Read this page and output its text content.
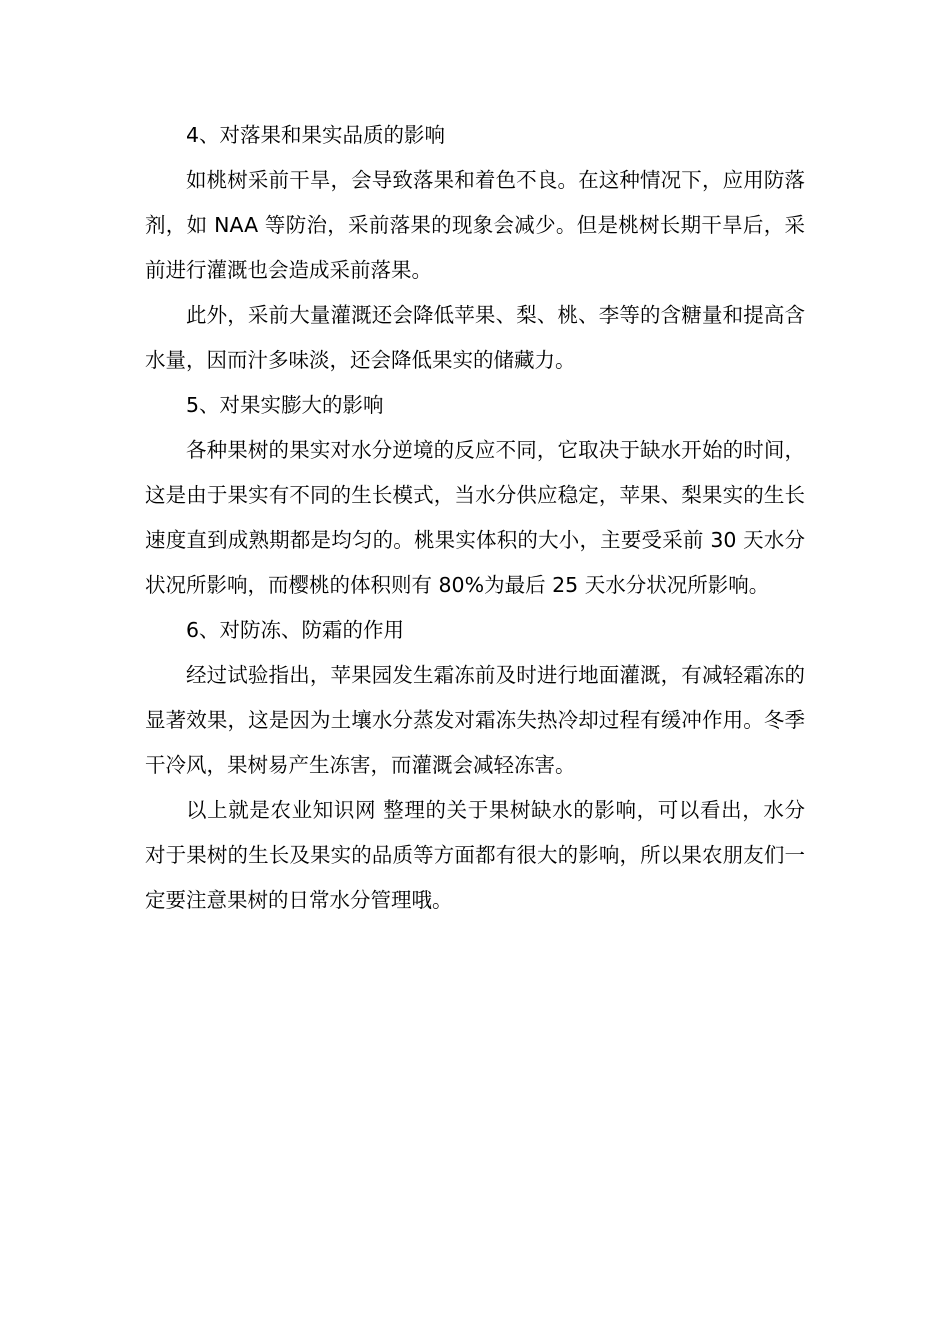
4、对落果和果实品质的影响

如桃树采前干旱，会导致落果和着色不良。在这种情况下，应用防落剂，如 NAA 等防治，采前落果的现象会减少。但是桃树长期干旱后，采前进行灌溉也会造成采前落果。

此外，采前大量灌溉还会降低苹果、梨、桃、李等的含糖量和提高含水量，因而汁多味淡，还会降低果实的储藏力。

5、对果实膨大的影响

各种果树的果实对水分逆境的反应不同，它取决于缺水开始的时间，这是由于果实有不同的生长模式，当水分供应稳定，苹果、梨果实的生长速度直到成熟期都是均匀的。桃果实体积的大小，主要受采前 30 天水分状况所影响，而樱桃的体积则有 80%为最后 25 天水分状况所影响。

6、对防冻、防霜的作用

经过试验指出，苹果园发生霜冻前及时进行地面灌溉，有减轻霜冻的显著效果，这是因为土壤水分蒸发对霜冻失热冷却过程有缓冲作用。冬季干冷风，果树易产生冻害，而灌溉会减轻冻害。

以上就是农业知识网 整理的关于果树缺水的影响，可以看出，水分对于果树的生长及果实的品质等方面都有很大的影响，所以果农朋友们一定要注意果树的日常水分管理哦。
